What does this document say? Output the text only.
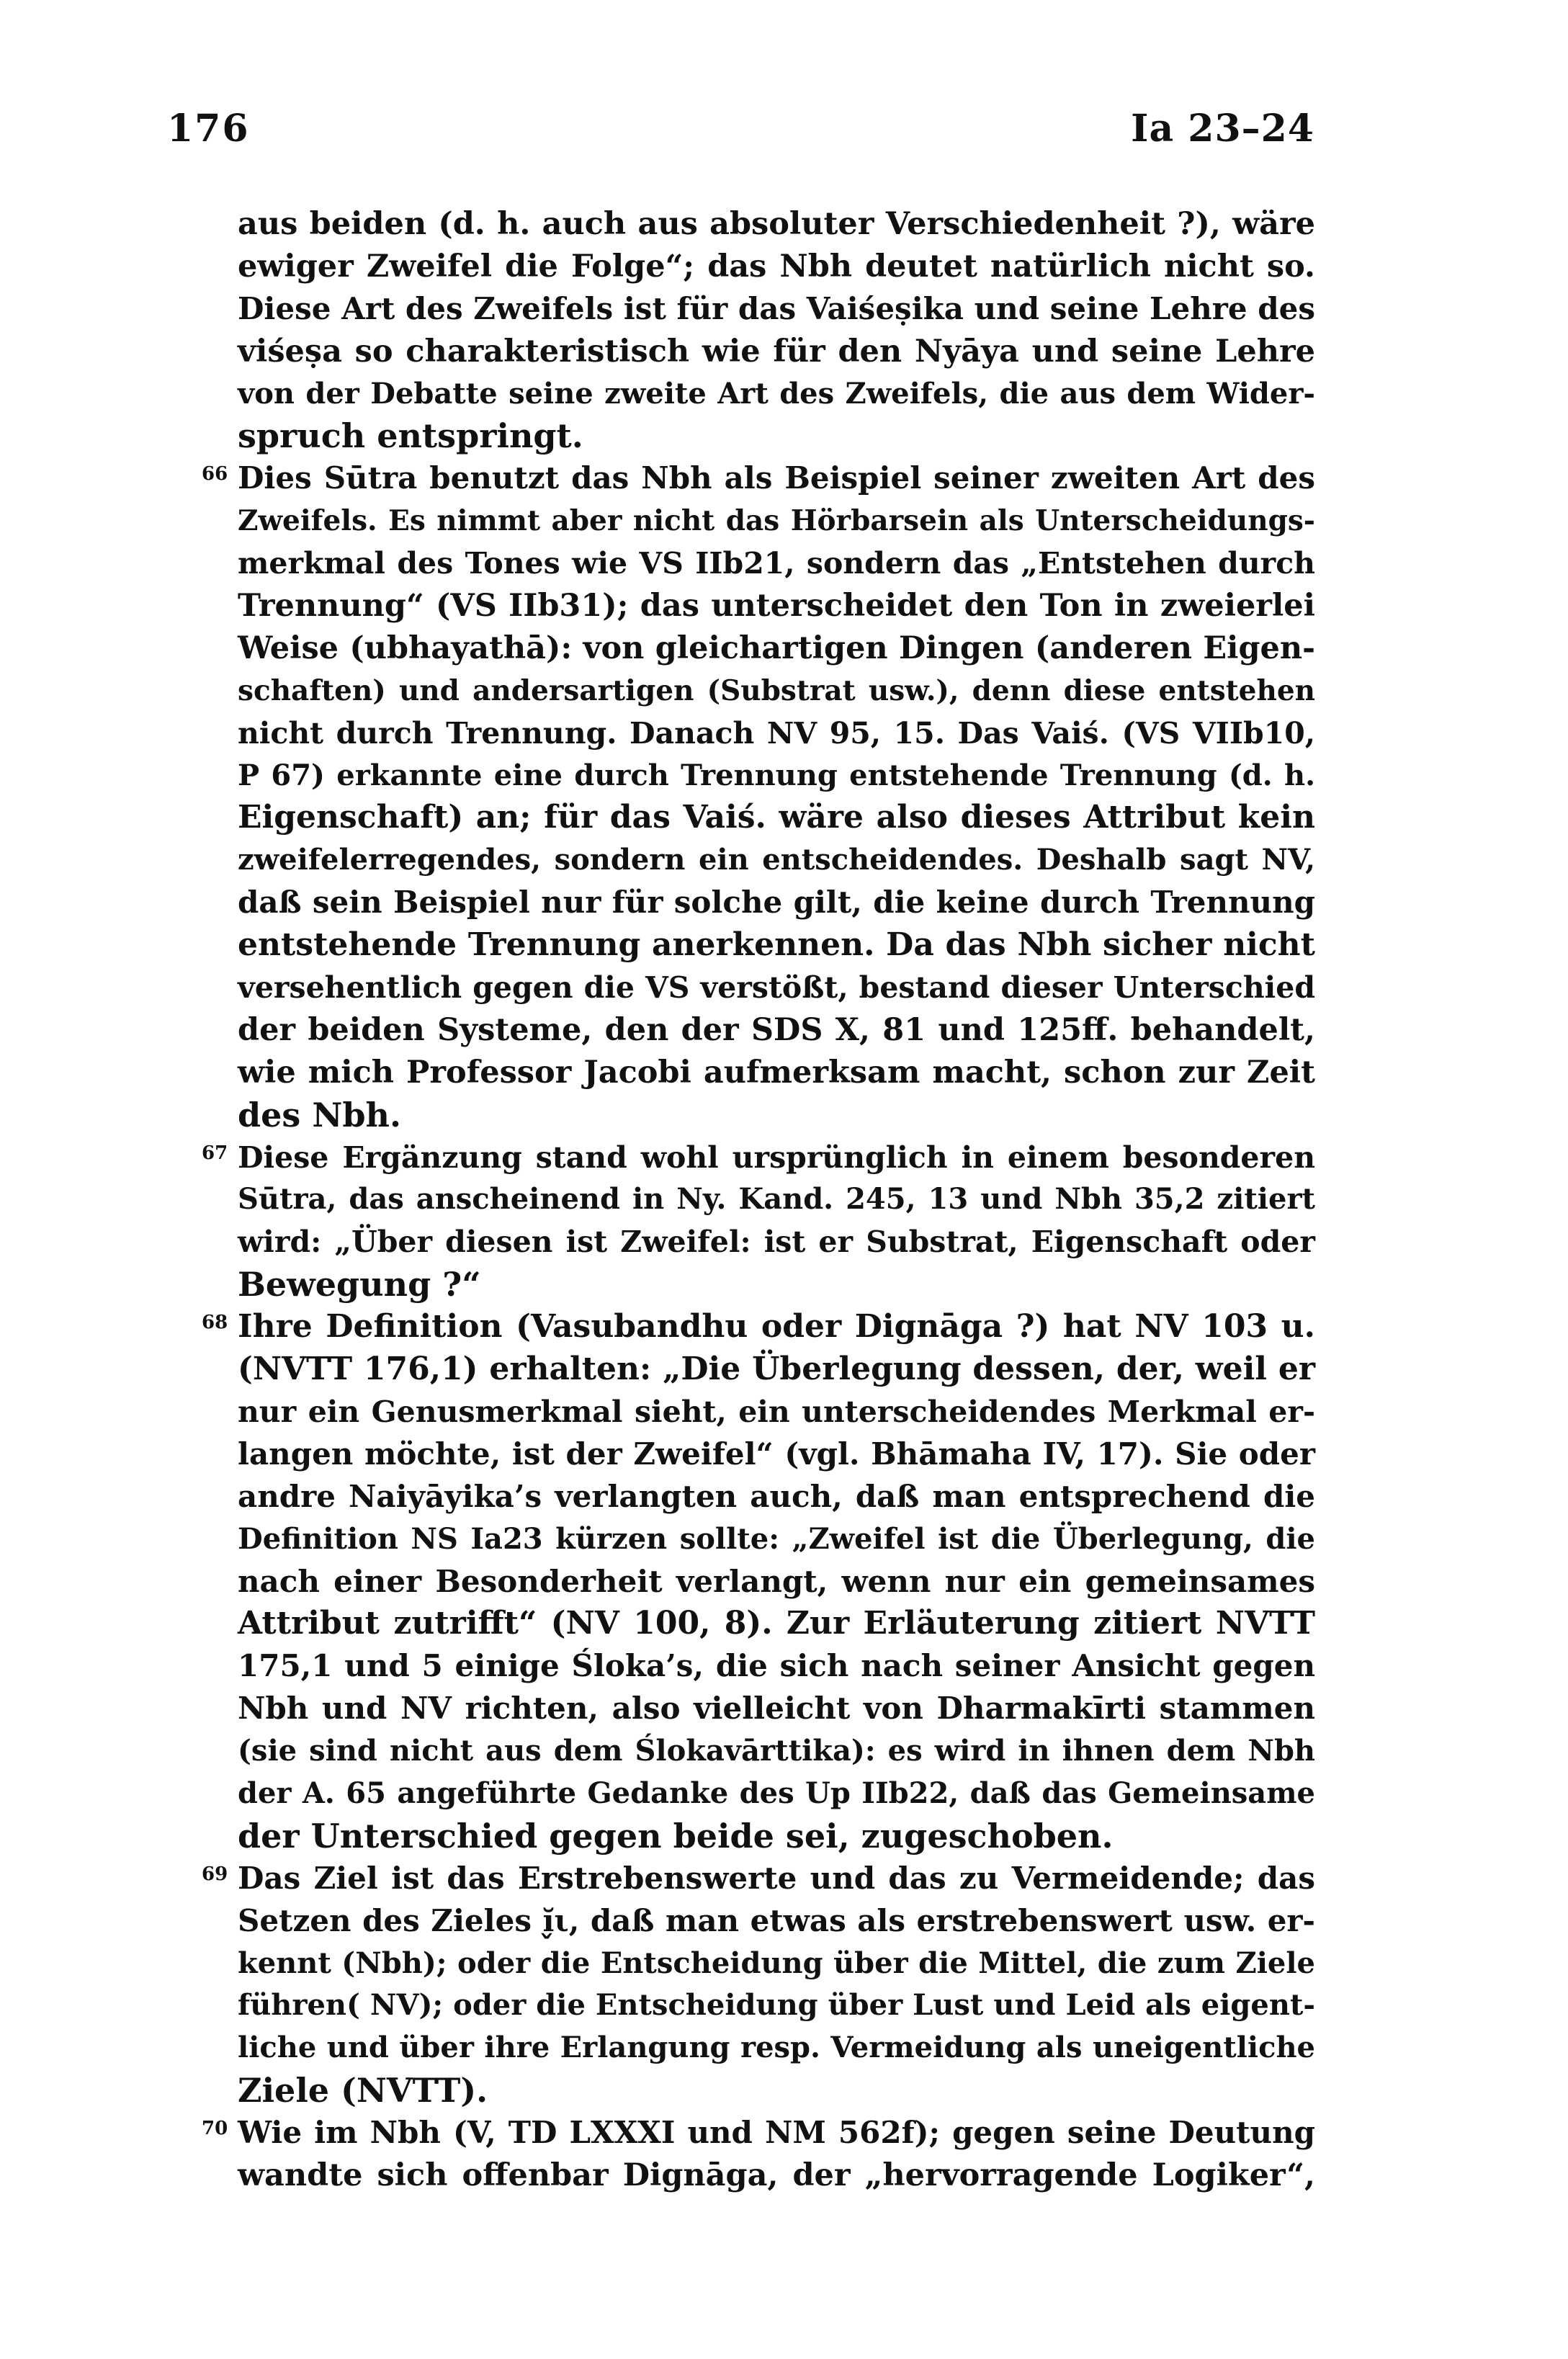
176	Ia 23–24
aus beiden (d. h. auch aus absoluter Verschiedenheit ?), wäre
ewiger Zweifel die Folge“; das Nbh deutet natürlich nicht so.
Diese Art des Zweifels ist für das Vaiśeṣika und seine Lehre des
viśeṣa so charakteristisch wie für den Nyāya und seine Lehre
von der Debatte seine zweite Art des Zweifels, die aus dem Wider-
spruch entspringt.
66 Dies Sūtra benutzt das Nbh als Beispiel seiner zweiten Art des
Zweifels. Es nimmt aber nicht das Hörbarsein als Unterscheidungs-
merkmal des Tones wie VS IIb21, sondern das „Entstehen durch
Trennung“ (VS IIb31); das unterscheidet den Ton in zweierlei
Weise (ubhayathā): von gleichartigen Dingen (anderen Eigen-
schaften) und andersartigen (Substrat usw.), denn diese entstehen
nicht durch Trennung. Danach NV 95, 15. Das Vaiś. (VS VIIb10,
P 67) erkannte eine durch Trennung entstehende Trennung (d. h.
Eigenschaft) an; für das Vaiś. wäre also dieses Attribut kein
zweifelerregendes, sondern ein entscheidendes. Deshalb sagt NV,
daß sein Beispiel nur für solche gilt, die keine durch Trennung
entstehende Trennung anerkennen. Da das Nbh sicher nicht
versehentlich gegen die VS verstößt, bestand dieser Unterschied
der beiden Systeme, den der SDS X, 81 und 125ff. behandelt,
wie mich Professor Jacobi aufmerksam macht, schon zur Zeit
des Nbh.
67 Diese Ergänzung stand wohl ursprünglich in einem besonderen
Sūtra, das anscheinend in Ny. Kand. 245, 13 und Nbh 35,2 zitiert
wird: „Über diesen ist Zweifel: ist er Substrat, Eigenschaft oder
Bewegung ?“
68 Ihre Definition (Vasubandhu oder Dignāga ?) hat NV 103 u.
(NVTT 176,1) erhalten: „Die Überlegung dessen, der, weil er
nur ein Genusmerkmal sieht, ein unterscheidendes Merkmal er-
langen möchte, ist der Zweifel“ (vgl. Bhāmaha IV, 17). Sie oder
andre Naiyāyika’s verlangten auch, daß man entsprechend die
Definition NS Ia23 kürzen sollte: „Zweifel ist die Überlegung, die
nach einer Besonderheit verlangt, wenn nur ein gemeinsames
Attribut zutrifft“ (NV 100, 8). Zur Erläuterung zitiert NVTT
175,1 und 5 einige Śloka’s, die sich nach seiner Ansicht gegen
Nbh und NV richten, also vielleicht von Dharmakīrti stammen
(sie sind nicht aus dem Ślokavārttika): es wird in ihnen dem Nbh
der A. 65 angeführte Gedanke des Up IIb22, daß das Gemeinsame
der Unterschied gegen beide sei, zugeschoben.
69 Das Ziel ist das Erstrebenswerte und das zu Vermeidende; das
Setzen des Zieles ĭ̬ι, daß man etwas als erstrebenswert usw. er-
kennt (Nbh); oder die Entscheidung über die Mittel, die zum Ziele
führen( NV); oder die Entscheidung über Lust und Leid als eigent-
liche und über ihre Erlangung resp. Vermeidung als uneigentliche
Ziele (NVTT).
70 Wie im Nbh (V, TD LXXXI und NM 562f); gegen seine Deutung
wandte sich offenbar Dignāga, der „hervorragende Logiker“,
